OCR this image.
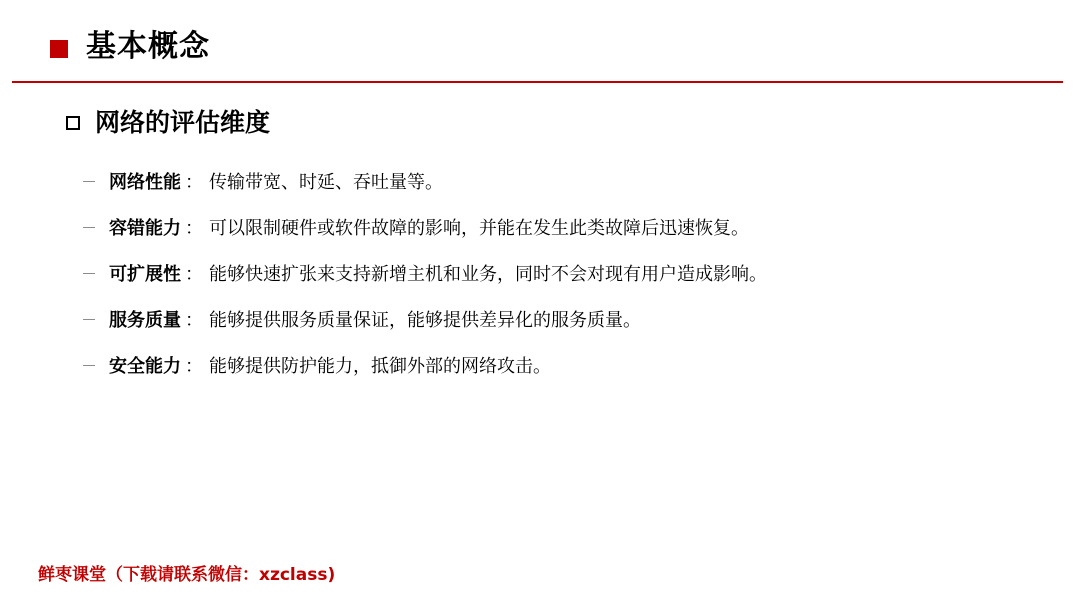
基本概念
网络的评估维度
网络性能 ： 传输带宽、时延、吞吐量等。
容错能力 ： 可以限制硬件或软件故障的影响，并能在发生此类故障后迅速恢复。
可扩展性 ： 能够快速扩张来支持新增主机和业务，同时不会对现有用户造成影响。
服务质量 ： 能够提供服务质量保证，能够提供差异化的服务质量。
安全能力 ： 能够提供防护能力，抵御外部的网络攻击。
鲜枣课堂（下载请联系微信：xzclass)
